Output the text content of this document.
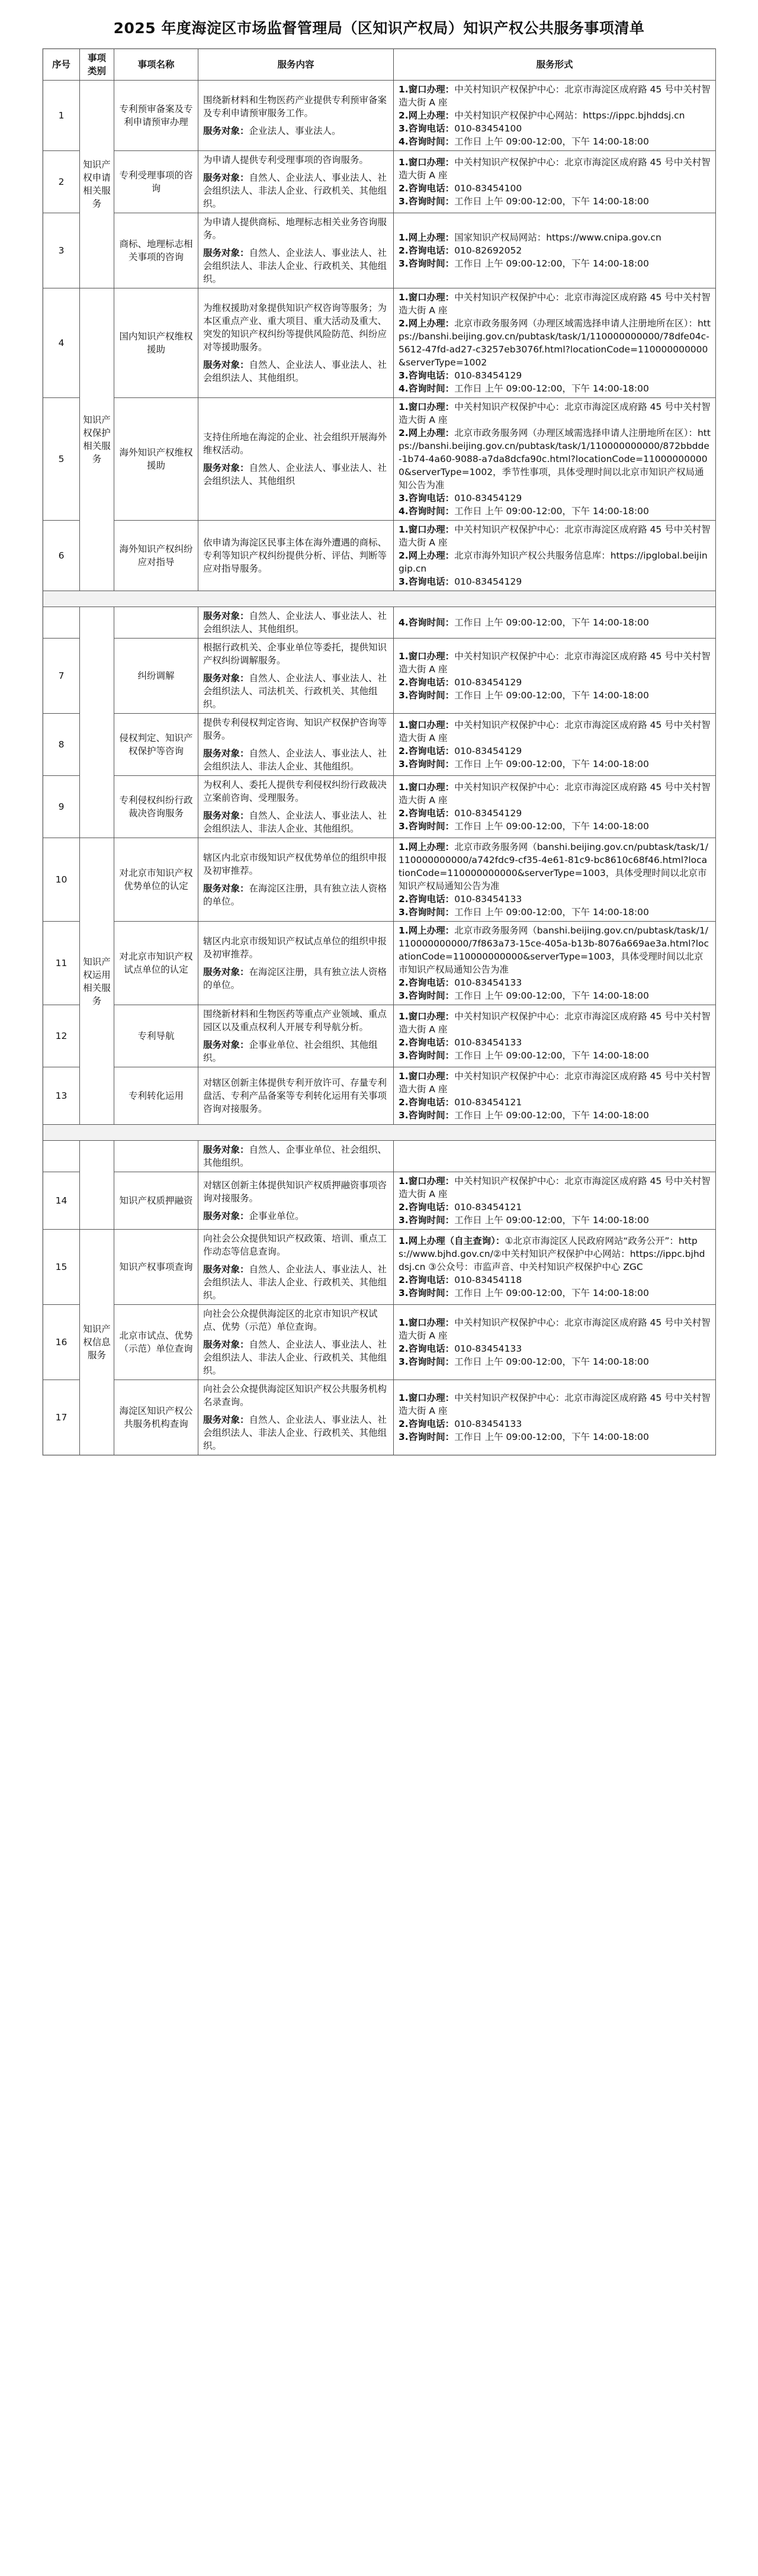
2025 年度海淀区市场监督管理局（区知识产权局）知识产权公共服务事项清单
序号	事项类别	事项名称	服务内容	服务形式
1	知识产权申请相关服务	专利预审备案及专利申请预审办理	围绕新材料和生物医药产业提供专利预审备案及专利申请预审服务工作。
服务对象：企业法人、事业法人。	1.窗口办理：中关村知识产权保护中心：北京市海淀区成府路 45 号中关村智造大街 A 座
2.网上办理：中关村知识产权保护中心网站：https://ippc.bjhddsj.cn
3.咨询电话：010-83454100
4.咨询时间：工作日 上午 09:00-12:00，下午 14:00-18:00

2		专利受理事项的咨询	为申请人提供专利受理事项的咨询服务。
服务对象：自然人、企业法人、事业法人、社会组织法人、非法人企业、行政机关、其他组织。	1.窗口办理：中关村知识产权保护中心：北京市海淀区成府路 45 号中关村智造大街 A 座
2.咨询电话：010-83454100
3.咨询时间：工作日 上午 09:00-12:00，下午 14:00-18:00

3		商标、地理标志相关事项的咨询	为申请人提供商标、地理标志相关业务咨询服务。
服务对象：自然人、企业法人、事业法人、社会组织法人、非法人企业、行政机关、其他组织。	1.网上办理：国家知识产权局网站：https://www.cnipa.gov.cn
2.咨询电话：010-82692052
3.咨询时间：工作日 上午 09:00-12:00，下午 14:00-18:00

4	知识产权保护相关服务	国内知识产权维权援助	为维权援助对象提供知识产权咨询等服务；为本区重点产业、重大项目、重大活动及重大、突发的知识产权纠纷等提供风险防范、纠纷应对等援助服务。
服务对象：自然人、企业法人、事业法人、社会组织法人、其他组织。	1.窗口办理：中关村知识产权保护中心：北京市海淀区成府路 45 号中关村智造大街 A 座
2.网上办理：北京市政务服务网（办理区域需选择申请人注册地所在区）：https://banshi.beijing.gov.cn/pubtask/task/1/110000000000/78dfe04c-5612-47fd-ad27-c3257eb3076f.html?locationCode=110000000000&serverType=1002
3.咨询电话：010-83454129
4.咨询时间：工作日 上午 09:00-12:00，下午 14:00-18:00

5		海外知识产权维权援助	支持住所地在海淀的企业、社会组织开展海外维权活动。
服务对象：自然人、企业法人、事业法人、社会组织法人、其他组织	1.窗口办理：中关村知识产权保护中心：北京市海淀区成府路 45 号中关村智造大街 A 座
2.网上办理：北京市政务服务网（办理区域需选择申请人注册地所在区）：https://banshi.beijing.gov.cn/pubtask/task/1/110000000000/872bbdde-1b74-4a60-9088-a7da8dcfa90c.html?locationCode=110000000000&serverType=1002，季节性事项，具体受理时间以北京市知识产权局通知公告为准
3.咨询电话：010-83454129
4.咨询时间：工作日 上午 09:00-12:00，下午 14:00-18:00

6		海外知识产权纠纷应对指导	依申请为海淀区民事主体在海外遭遇的商标、专利等知识产权纠纷提供分析、评估、判断等应对指导服务。	1.窗口办理：中关村知识产权保护中心：北京市海淀区成府路 45 号中关村智造大街 A 座
2.网上办理：北京市海外知识产权公共服务信息库：https://ipglobal.beijingip.cn
3.咨询电话：010-83454129

			服务对象：自然人、企业法人、事业法人、社会组织法人、其他组织。	4.咨询时间：工作日 上午 09:00-12:00，下午 14:00-18:00

7		纠纷调解	根据行政机关、企事业单位等委托，提供知识产权纠纷调解服务。
服务对象：自然人、企业法人、事业法人、社会组织法人、司法机关、行政机关、其他组织。	1.窗口办理：中关村知识产权保护中心：北京市海淀区成府路 45 号中关村智造大街 A 座
2.咨询电话：010-83454129
3.咨询时间：工作日 上午 09:00-12:00，下午 14:00-18:00

8		侵权判定、知识产权保护等咨询	提供专利侵权判定咨询、知识产权保护咨询等服务。
服务对象：自然人、企业法人、事业法人、社会组织法人、非法人企业、其他组织。	1.窗口办理：中关村知识产权保护中心：北京市海淀区成府路 45 号中关村智造大街 A 座
2.咨询电话：010-83454129
3.咨询时间：工作日 上午 09:00-12:00，下午 14:00-18:00

9		专利侵权纠纷行政裁决咨询服务	为权利人、委托人提供专利侵权纠纷行政裁决立案前咨询、受理服务。
服务对象：自然人、企业法人、事业法人、社会组织法人、非法人企业、其他组织。	1.窗口办理：中关村知识产权保护中心：北京市海淀区成府路 45 号中关村智造大街 A 座
2.咨询电话：010-83454129
3.咨询时间：工作日 上午 09:00-12:00，下午 14:00-18:00

10	知识产权运用相关服务	对北京市知识产权优势单位的认定	辖区内北京市级知识产权优势单位的组织申报及初审推荐。
服务对象：在海淀区注册，具有独立法人资格的单位。	1.网上办理：北京市政务服务网（banshi.beijing.gov.cn/pubtask/task/1/110000000000/a742fdc9-cf35-4e61-81c9-bc8610c68f46.html?locationCode=110000000000&serverType=1003，具体受理时间以北京市知识产权局通知公告为准
2.咨询电话：010-83454133
3.咨询时间：工作日 上午 09:00-12:00，下午 14:00-18:00

11		对北京市知识产权试点单位的认定	辖区内北京市级知识产权试点单位的组织申报及初审推荐。
服务对象：在海淀区注册，具有独立法人资格的单位。	1.网上办理：北京市政务服务网（banshi.beijing.gov.cn/pubtask/task/1/110000000000/7f863a73-15ce-405a-b13b-8076a669ae3a.html?locationCode=110000000000&serverType=1003，具体受理时间以北京市知识产权局通知公告为准
2.咨询电话：010-83454133
3.咨询时间：工作日 上午 09:00-12:00，下午 14:00-18:00

12		专利导航	围绕新材料和生物医药等重点产业领域、重点园区以及重点权利人开展专利导航分析。
服务对象：企事业单位、社会组织、其他组织。	1.窗口办理：中关村知识产权保护中心：北京市海淀区成府路 45 号中关村智造大街 A 座
2.咨询电话：010-83454133
3.咨询时间：工作日 上午 09:00-12:00，下午 14:00-18:00

13		专利转化运用	对辖区创新主体提供专利开放许可、存量专利盘活、专利产品备案等专利转化运用有关事项咨询对接服务。	1.窗口办理：中关村知识产权保护中心：北京市海淀区成府路 45 号中关村智造大街 A 座
2.咨询电话：010-83454121
3.咨询时间：工作日 上午 09:00-12:00，下午 14:00-18:00

			服务对象：自然人、企事业单位、社会组织、其他组织。	

14		知识产权质押融资	对辖区创新主体提供知识产权质押融资事项咨询对接服务。
服务对象：企事业单位。	1.窗口办理：中关村知识产权保护中心：北京市海淀区成府路 45 号中关村智造大街 A 座
2.咨询电话：010-83454121
3.咨询时间：工作日 上午 09:00-12:00，下午 14:00-18:00

15	知识产权信息服务	知识产权事项查询	向社会公众提供知识产权政策、培训、重点工作动态等信息查询。
服务对象：自然人、企业法人、事业法人、社会组织法人、非法人企业、行政机关、其他组织。	1.网上办理（自主查询）：①北京市海淀区人民政府网站“政务公开”：https://www.bjhd.gov.cn/②中关村知识产权保护中心网站：https://ippc.bjhddsj.cn ③公众号：市监声音、中关村知识产权保护中心 ZGC
2.咨询电话：010-83454118
3.咨询时间：工作日 上午 09:00-12:00，下午 14:00-18:00

16		北京市试点、优势（示范）单位查询	向社会公众提供海淀区的北京市知识产权试点、优势（示范）单位查询。
服务对象：自然人、企业法人、事业法人、社会组织法人、非法人企业、行政机关、其他组织。	1.窗口办理：中关村知识产权保护中心：北京市海淀区成府路 45 号中关村智造大街 A 座
2.咨询电话：010-83454133
3.咨询时间：工作日 上午 09:00-12:00，下午 14:00-18:00

17		海淀区知识产权公共服务机构查询	向社会公众提供海淀区知识产权公共服务机构名录查询。
服务对象：自然人、企业法人、事业法人、社会组织法人、非法人企业、行政机关、其他组织。	1.窗口办理：中关村知识产权保护中心：北京市海淀区成府路 45 号中关村智造大街 A 座
2.咨询电话：010-83454133
3.咨询时间：工作日 上午 09:00-12:00，下午 14:00-18:00
